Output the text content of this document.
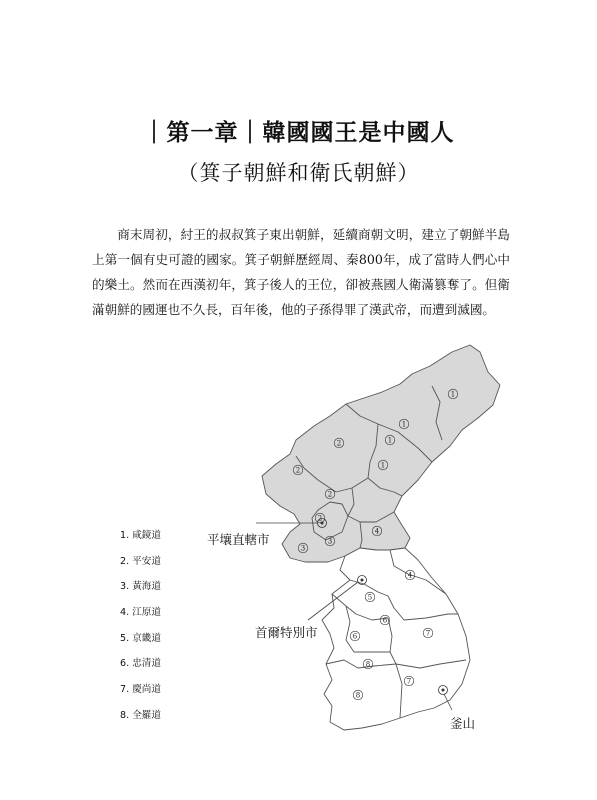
｜第一章｜韓國國王是中國人
（箕子朝鮮和衛氏朝鮮）

商末周初，紂王的叔叔箕子東出朝鮮，延續商朝文明，建立了朝鮮半島上第一個有史可證的國家。箕子朝鮮歷經周、秦800年，成了當時人們心中的樂土。然而在西漢初年，箕子後人的王位，卻被燕國人衛滿篡奪了。但衛滿朝鮮的國運也不久長，百年後，他的子孫得罪了漢武帝，而遭到滅國。

1
1
1
1
2
2
2
2
3
3
4
4
5
6
6	7
7
8
8
1. 咸鏡道
2. 平安道
3. 黃海道
4. 江原道
5. 京畿道
6. 忠清道
7. 慶尚道
8. 全羅道
平壤直轄市
首爾特別市
釜山
